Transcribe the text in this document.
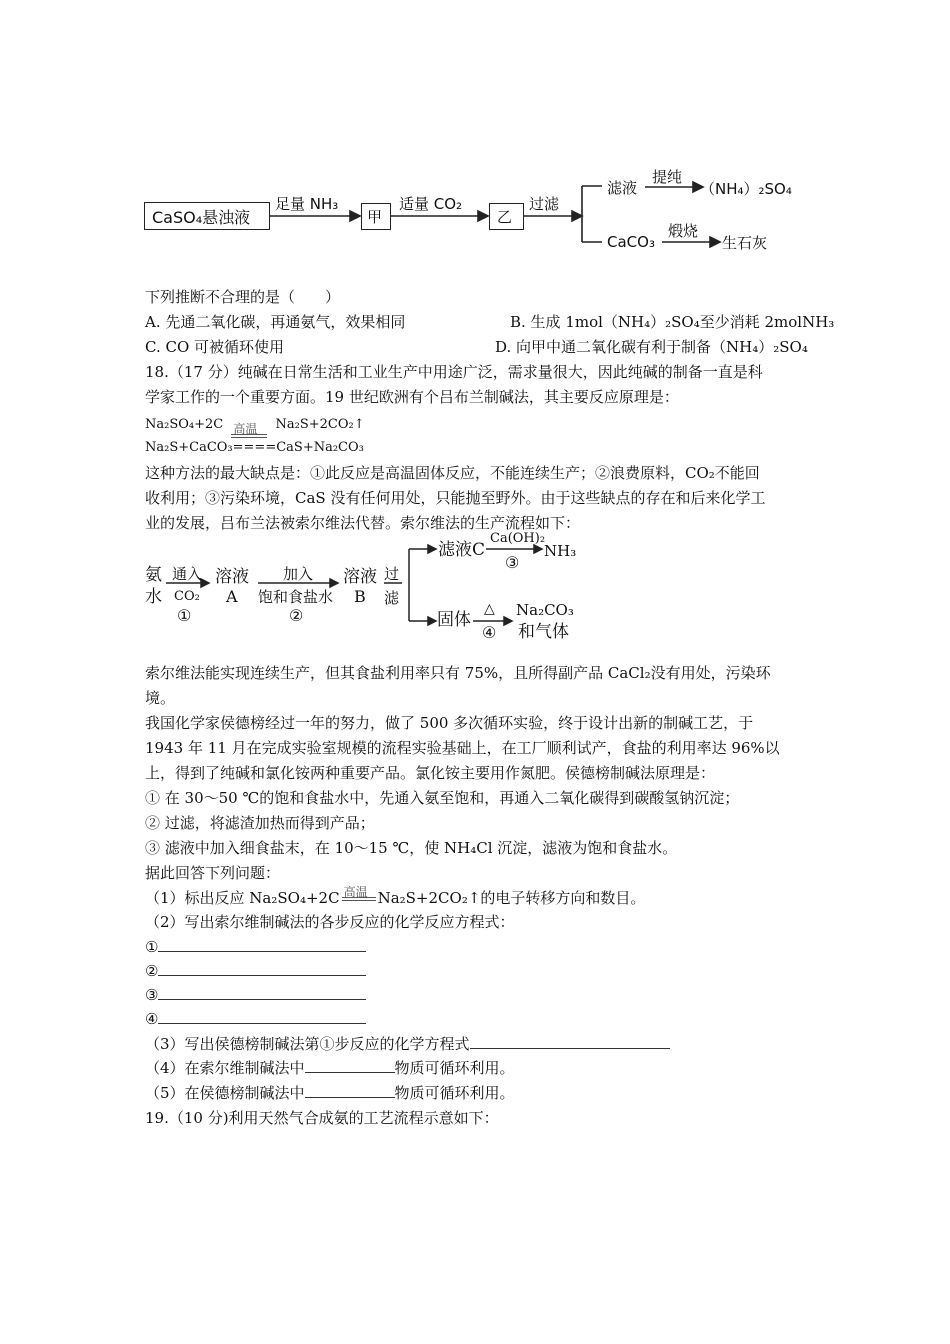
CaSO₄悬浊液
足量 NH₃
甲
适量 CO₂
乙
过滤
滤液
提纯
（NH₄）₂SO₄
CaCO₃
煅烧
生石灰
下列推断不合理的是（　　）
A. 先通二氧化碳，再通氨气，效果相同	B. 生成 1mol（NH₄）₂SO₄至少消耗 2molNH₃
C. CO 可被循环使用	D. 向甲中通二氧化碳有利于制备（NH₄）₂SO₄
18.（17 分）纯碱在日常生活和工业生产中用途广泛，需求量很大，因此纯碱的制备一直是科
学家工作的一个重要方面。19 世纪欧洲有个吕布兰制碱法，其主要反应原理是：
Na₂SO₄+2C 高温 Na₂S+2CO₂↑
Na₂S+CaCO₃====CaS+Na₂CO₃
这种方法的最大缺点是：①此反应是高温固体反应，不能连续生产；②浪费原料，CO₂不能回
收利用；③污染环境，CaS 没有任何用处，只能抛至野外。由于这些缺点的存在和后来化学工
业的发展，吕布兰法被索尔维法代替。索尔维法的生产流程如下：
氨
水
通入
CO₂
①
溶液
A
加入
饱和食盐水
②
溶液
B
过
滤
滤液C
Ca(OH)₂
③
NH₃
固体
△
④
Na₂CO₃
和气体
索尔维法能实现连续生产，但其食盐利用率只有 75%，且所得副产品 CaCl₂没有用处，污染环
境。
我国化学家侯德榜经过一年的努力，做了 500 多次循环实验，终于设计出新的制碱工艺，于
1943 年 11 月在完成实验室规模的流程实验基础上，在工厂顺利试产，食盐的利用率达 96%以
上，得到了纯碱和氯化铵两种重要产品。氯化铵主要用作氮肥。侯德榜制碱法原理是：
① 在 30～50 ℃的饱和食盐水中，先通入氨至饱和，再通入二氧化碳得到碳酸氢钠沉淀；
② 过滤，将滤渣加热而得到产品；
③ 滤液中加入细食盐末，在 10～15 ℃，使 NH₄Cl 沉淀，滤液为饱和食盐水。
据此回答下列问题：
（1）标出反应 Na₂SO₄+2C 高温 Na₂S+2CO₂↑的电子转移方向和数目。
（2）写出索尔维制碱法的各步反应的化学反应方程式：
①
②
③
④
（3）写出侯德榜制碱法第①步反应的化学方程式
（4）在索尔维制碱法中	物质可循环利用。
（5）在侯德榜制碱法中	物质可循环利用。
19.（10 分)利用天然气合成氨的工艺流程示意如下：
